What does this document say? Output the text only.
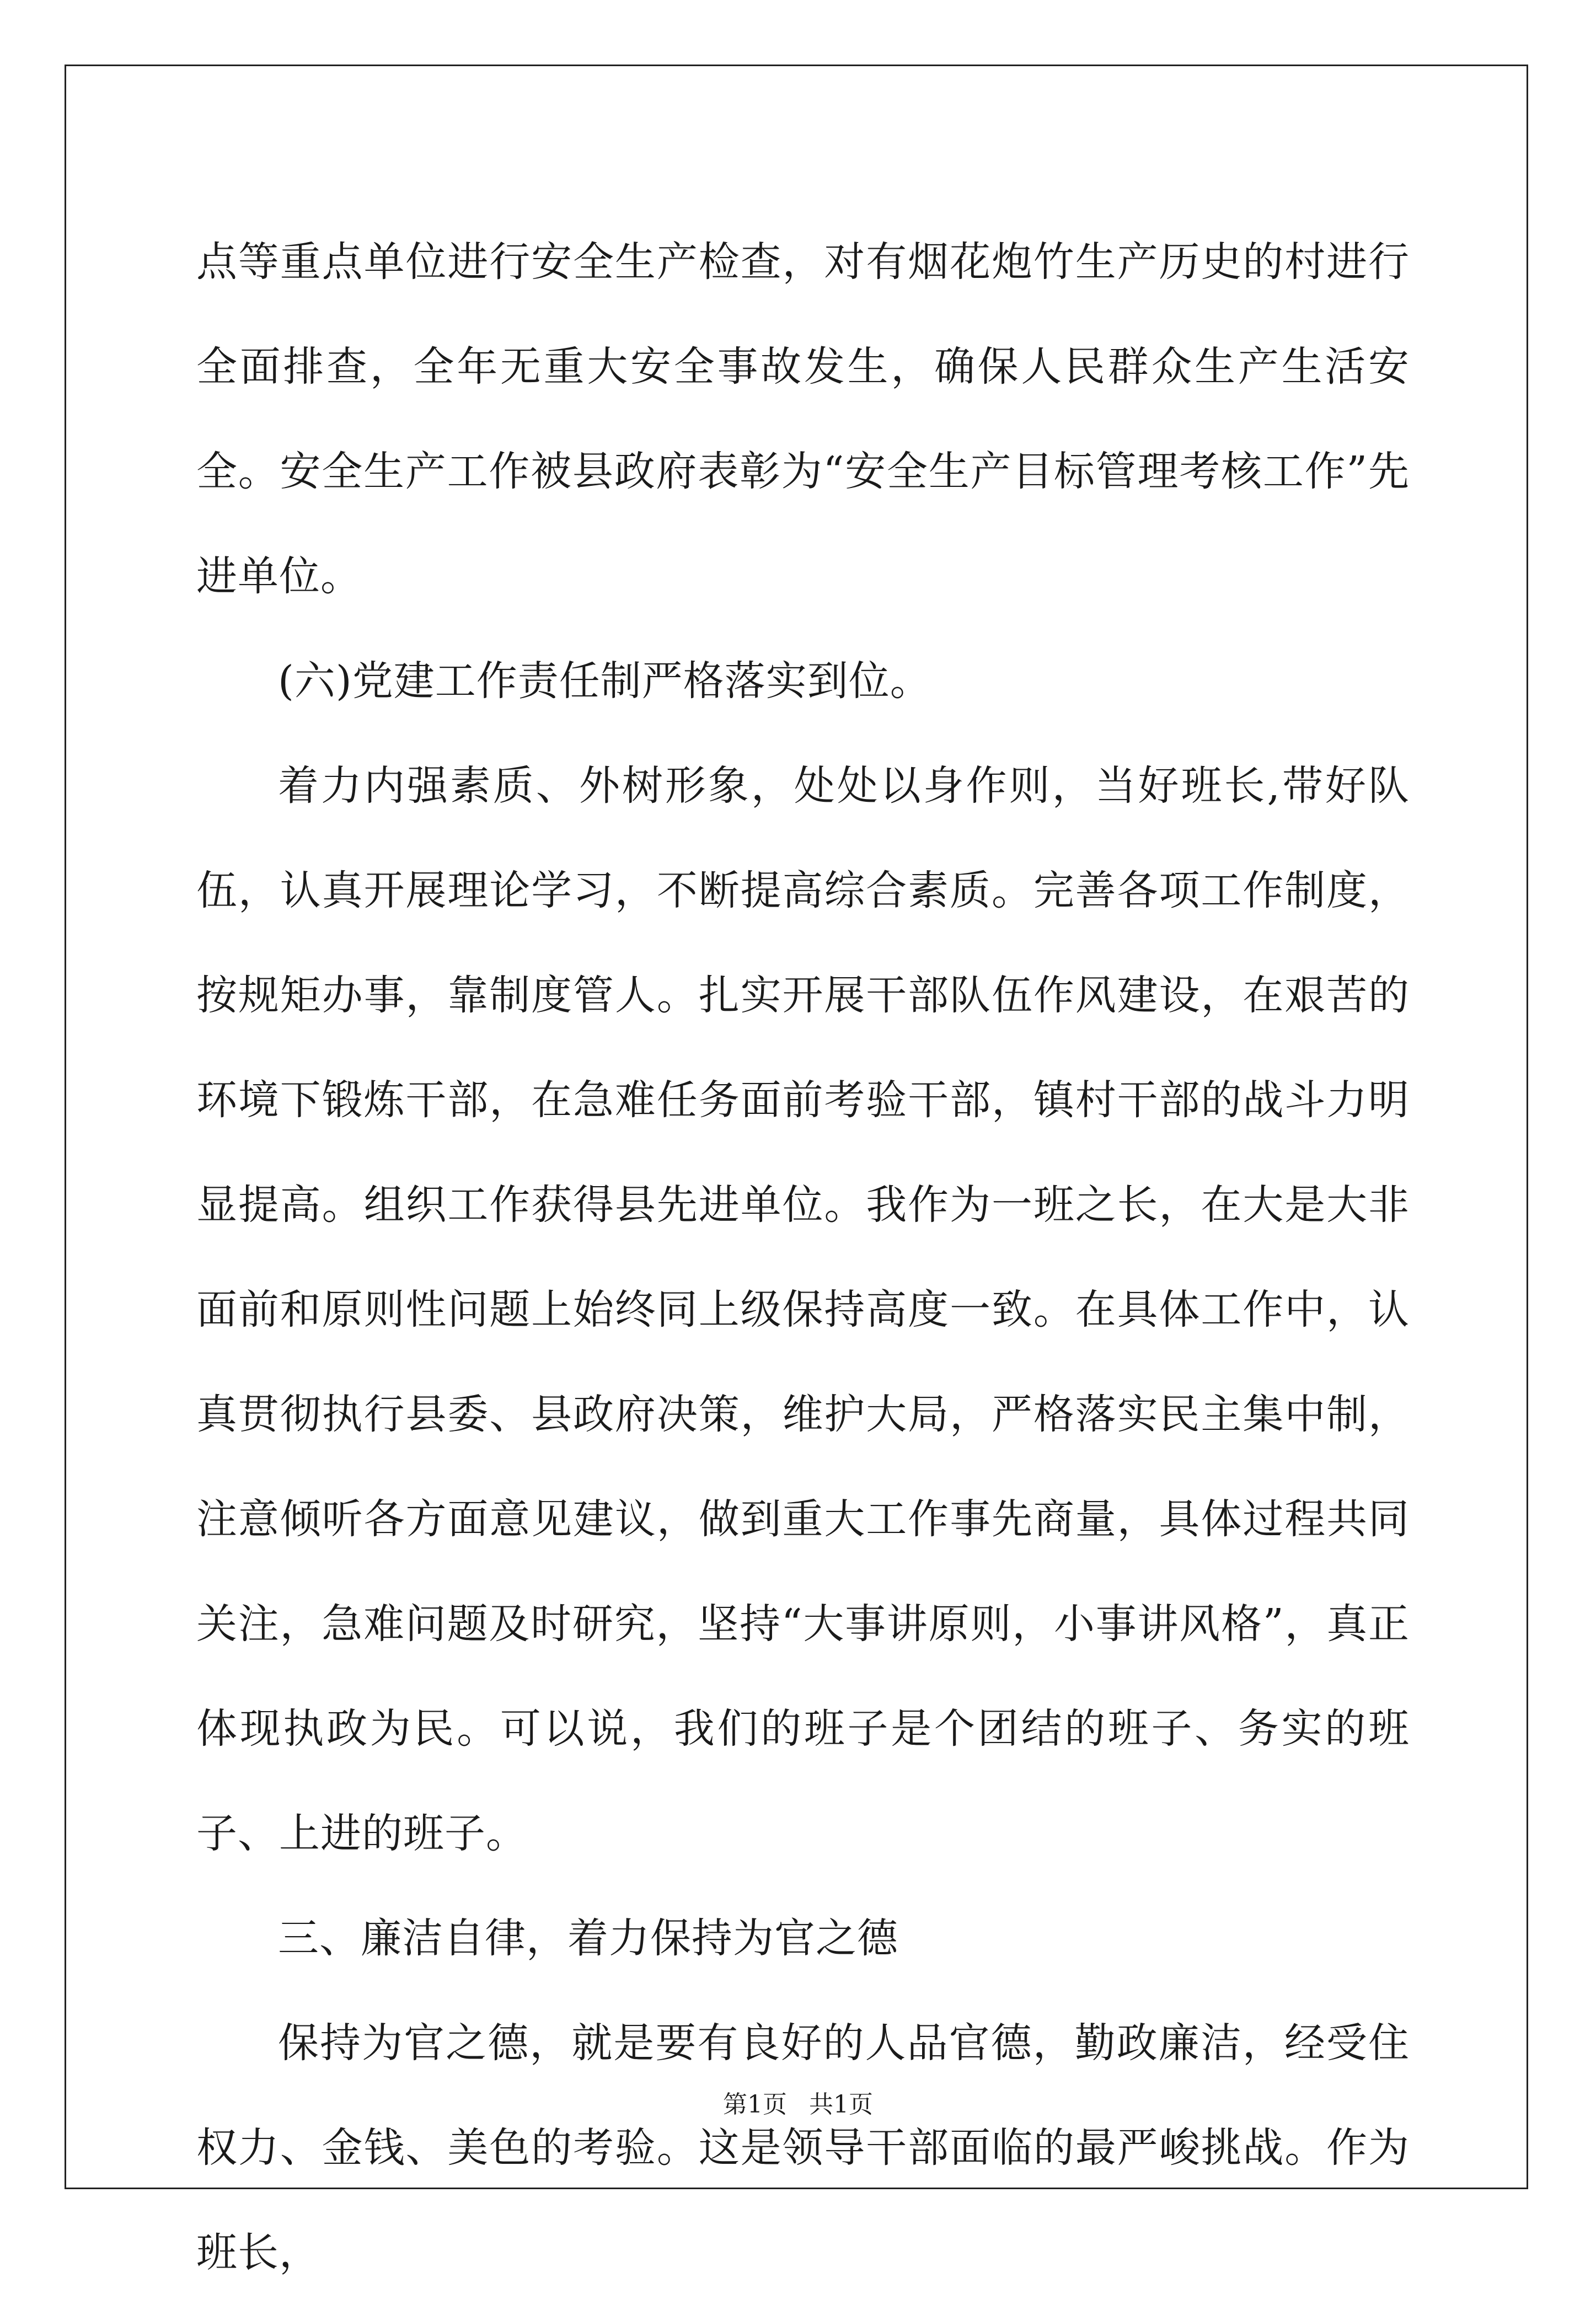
点等重点单位进行安全生产检查，对有烟花炮竹生产历史的村进行全面排查，全年无重大安全事故发生，确保人民群众生产生活安全。安全生产工作被县政府表彰为“安全生产目标管理考核工作”先进单位。

(六)党建工作责任制严格落实到位。

着力内强素质、外树形象，处处以身作则，当好班长,带好队伍，认真开展理论学习，不断提高综合素质。完善各项工作制度，按规矩办事，靠制度管人。扎实开展干部队伍作风建设，在艰苦的环境下锻炼干部，在急难任务面前考验干部，镇村干部的战斗力明显提高。组织工作获得县先进单位。我作为一班之长，在大是大非面前和原则性问题上始终同上级保持高度一致。在具体工作中，认真贯彻执行县委、县政府决策，维护大局，严格落实民主集中制，注意倾听各方面意见建议，做到重大工作事先商量，具体过程共同关注，急难问题及时研究，坚持“大事讲原则，小事讲风格”，真正体现执政为民。可以说，我们的班子是个团结的班子、务实的班子、上进的班子。

三、廉洁自律，着力保持为官之德

保持为官之德，就是要有良好的人品官德，勤政廉洁，经受住权力、金钱、美色的考验。这是领导干部面临的最严峻挑战。作为班长，

第1页 共1页
